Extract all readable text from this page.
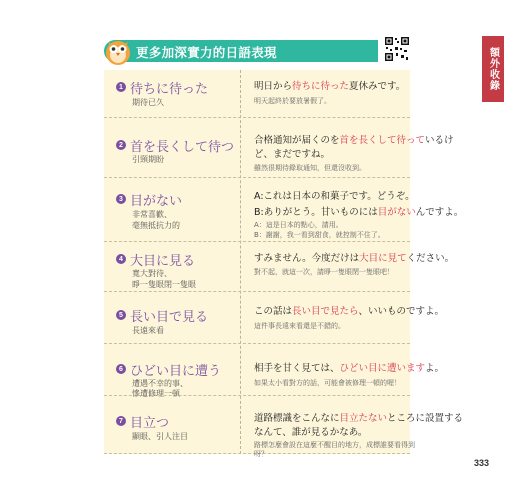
更多加深實力的日語表現	額外收錄
1 待ちに待った
期待已久
明日から待ちに待った夏休みです。
明天起終於要放暑假了。
2 首を長くして待つ
引頸期盼
合格通知が届くのを首を長くして待っているけ
ど、まだですね。
雖然很期待錄取通知，但還沒收到。
3 目がない
非常喜歡、
毫無抵抗力的
A:これは日本の和菓子です。どうぞ。
B:ありがとう。甘いものには目がないんですよ。
A：這是日本的點心，請用。
B：謝謝，我一看到甜食，就控制不住了。
4 大目に見る
寬大對待、
睜一隻眼閉一隻眼
すみません。今度だけは大目に見てください。
對不起，就這一次，請睜一隻眼閉一隻眼吧！
5 長い目で見る
長遠來看
この話は長い目で見たら、いいものですよ。
這件事長遠來看還是不錯的。
6 ひどい目に遭う
遭遇不幸的事、
慘遭修理一頓
相手を甘く見ては、ひどい目に遭いますよ。
如果太小看對方的話，可能會被修理一頓的喔！
7 目立つ
顯眼、引人注目
道路標識をこんなに目立たないところに設置する
なんて、誰が見るかなあ。
路標怎麼會設在這麼不醒目的地方，成標誰要看得到
呀？
333
